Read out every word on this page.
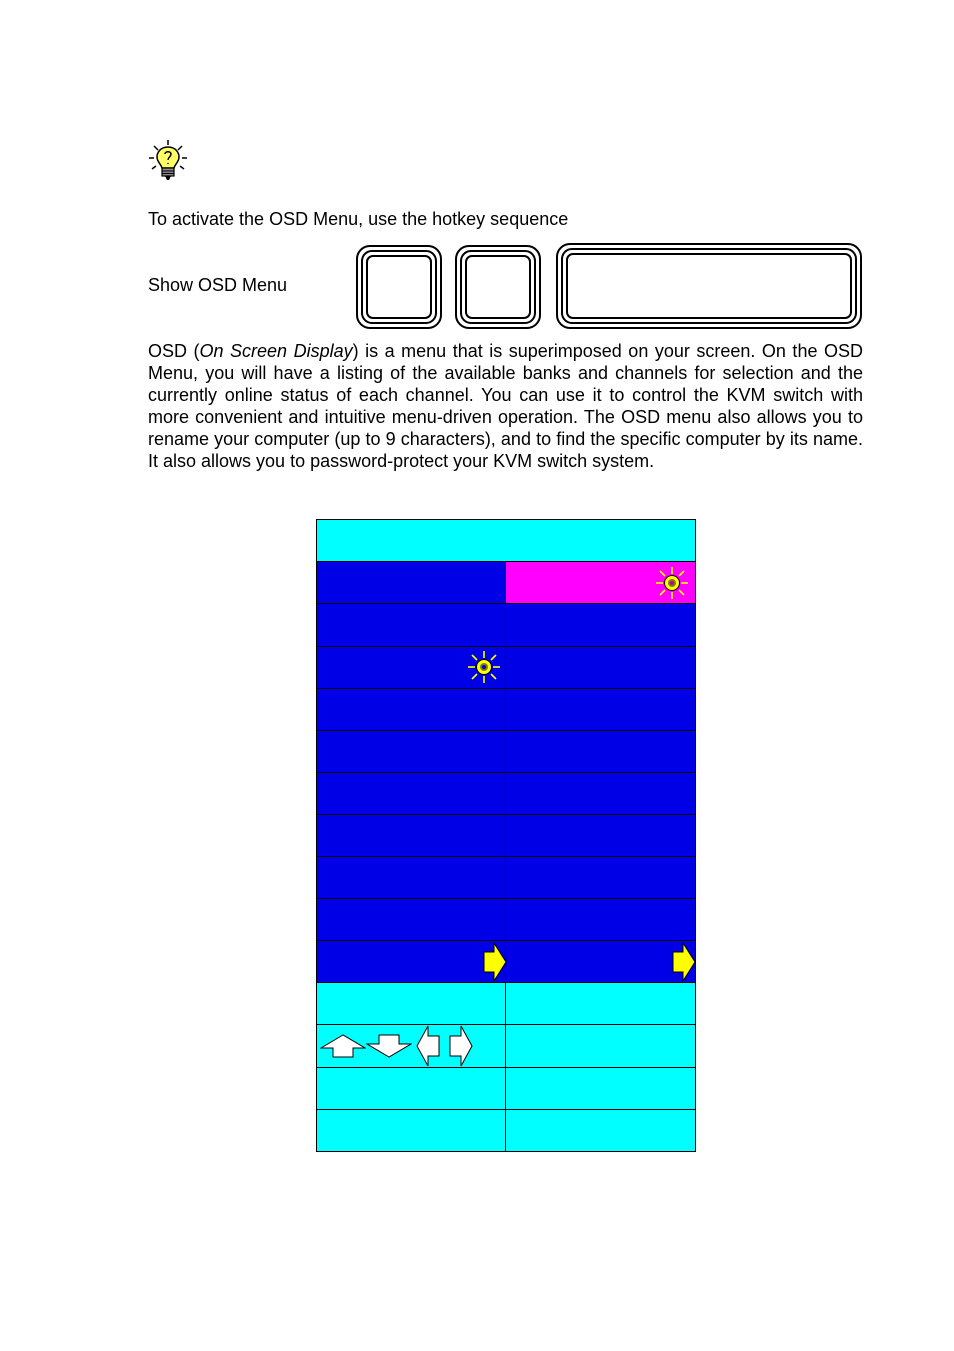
To activate the OSD Menu, use the hotkey sequence
Show OSD Menu
OSD (On Screen Display) is a menu that is superimposed on your screen. On the OSD Menu, you will have a listing of the available banks and channels for selection and the currently online status of each channel. You can use it to control the KVM switch with more convenient and intuitive menu-driven operation. The OSD menu also allows you to rename your computer (up to 9 characters), and to find the specific computer by its name. It also allows you to password-protect your KVM switch system.
